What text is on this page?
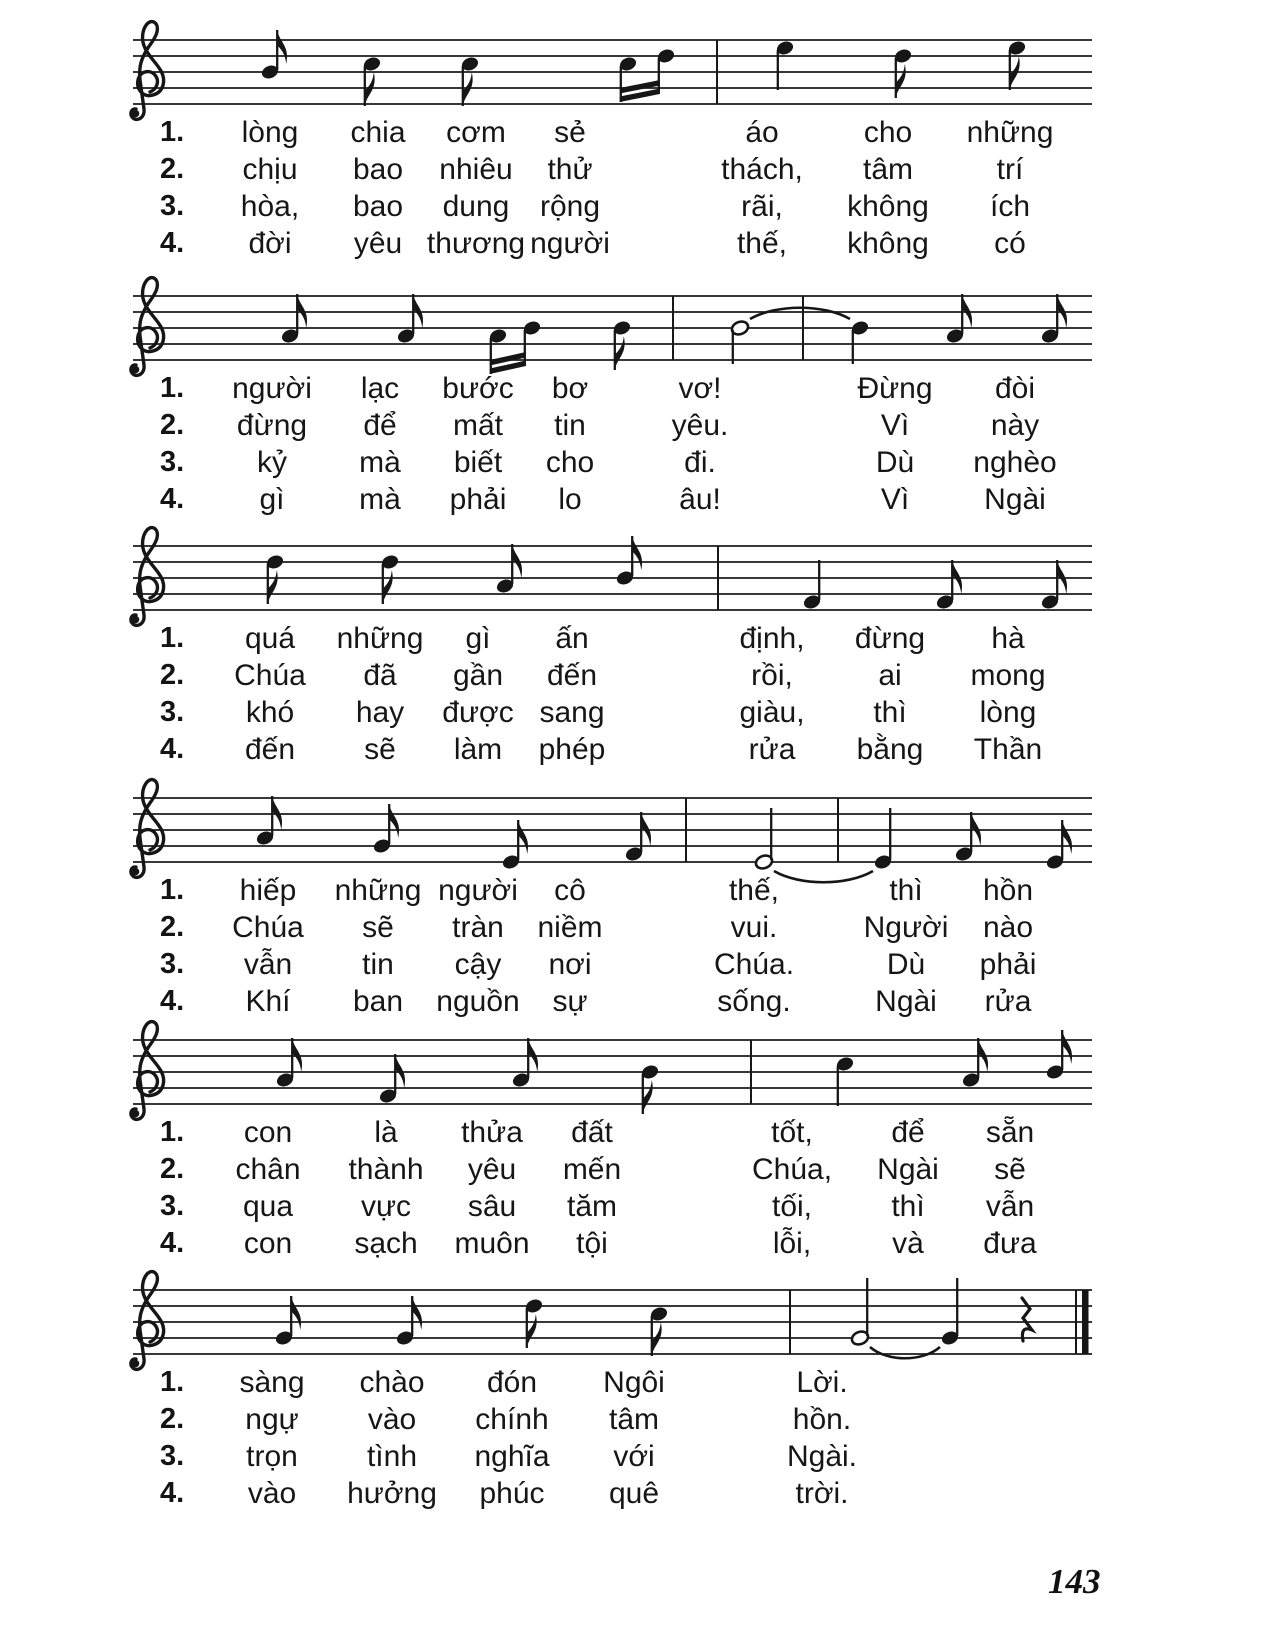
1.	lòng chia cơm sẻ	áo	cho những
2.	chịu bao nhiêu thử	thách, tâm	trí
3.	hòa, bao dung rộng	rãi, không ích
4.	đời yêu thương người	thế, không có
1.	người lạc bước bơ	vơ!	Đừng đòi
2.	đừng để mất tin	yêu.	Vì	này
3.	kỷ mà biết cho	đi.	Dù nghèo
4.	gì mà phải lo	âu!	Vì Ngài
1.	quá những gì ấn	định, đừng hà
2.	Chúa đã gần đến	rồi,	ai mong
3.	khó hay được sang	giàu, thì lòng
4.	đến sẽ làm phép	rửa bằng Thần
1.	hiếp những người cô	thế,	thì hồn
2.	Chúa sẽ tràn niềm	vui.	Người nào
3.	vẫn tin cậy nơi	Chúa.	Dù phải
4.	Khí ban nguồn sự	sống.	Ngài rửa
1.	con	là thửa đất	tốt,	để sẵn
2.	chân thành yêu mến	Chúa, Ngài sẽ
3.	qua vực sâu tăm	tối,	thì vẫn
4.	con sạch muôn tội	lỗi,	và đưa
1.	sàng chào đón Ngôi	Lời.
2.	ngự vào chính tâm	hồn.
3.	trọn tình nghĩa với	Ngài.
4.	vào hưởng phúc quê	trời.
143
